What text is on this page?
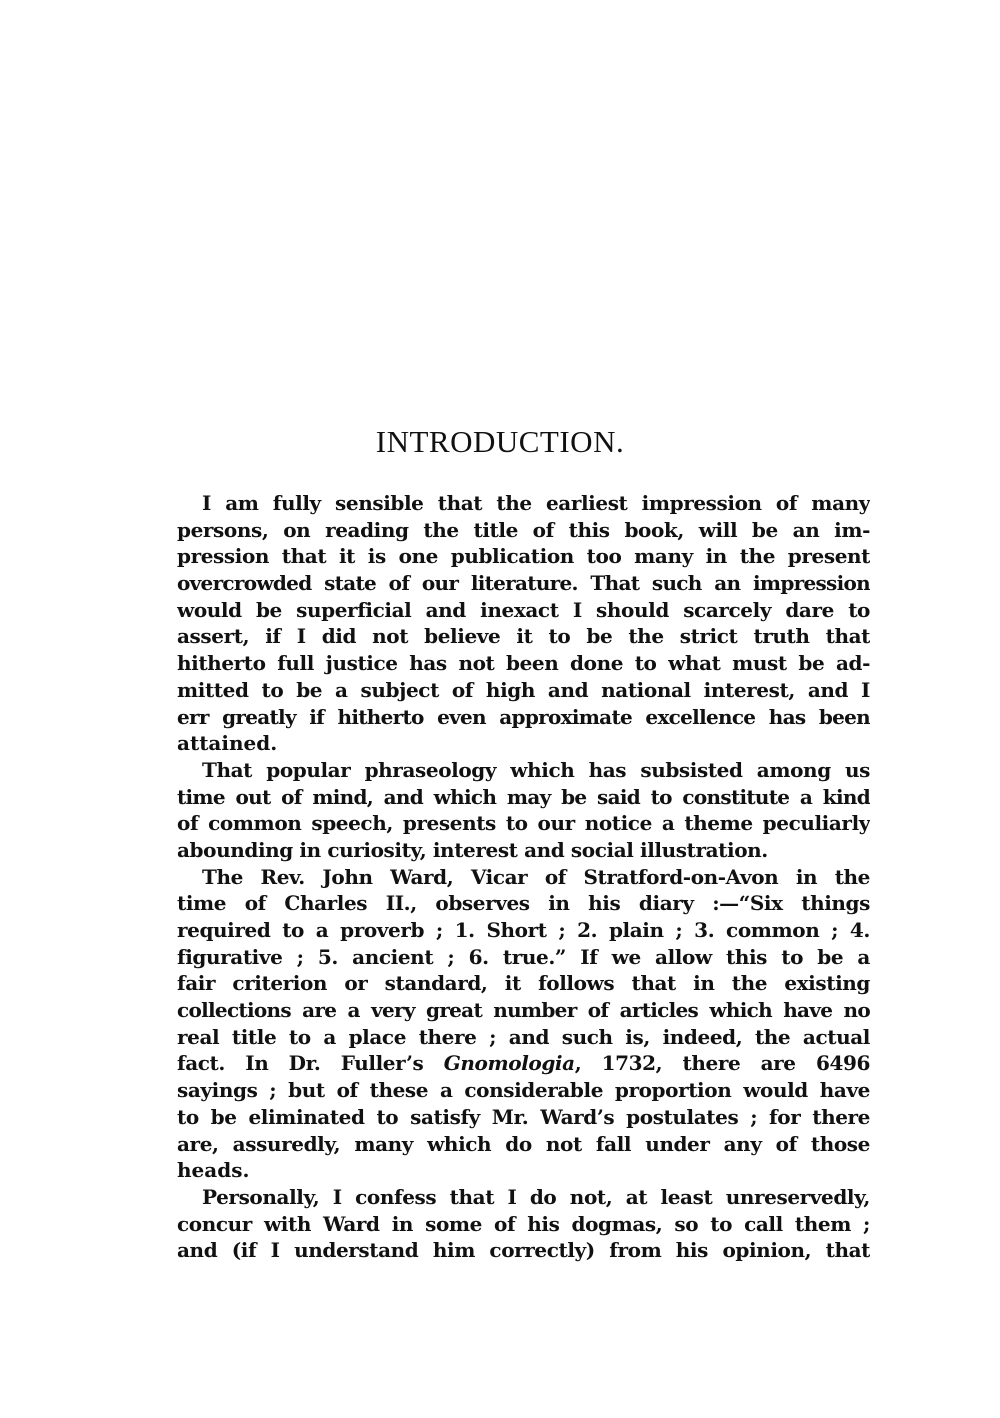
INTRODUCTION.
I am fully sensible that the earliest impression of many
persons, on reading the title of this book, will be an im-
pression that it is one publication too many in the present
overcrowded state of our literature. That such an impression
would be superficial and inexact I should scarcely dare to
assert, if I did not believe it to be the strict truth that
hitherto full justice has not been done to what must be ad-
mitted to be a subject of high and national interest, and I
err greatly if hitherto even approximate excellence has been
attained.
That popular phraseology which has subsisted among us
time out of mind, and which may be said to constitute a kind
of common speech, presents to our notice a theme peculiarly
abounding in curiosity, interest and social illustration.
The Rev. John Ward, Vicar of Stratford-on-Avon in the
time of Charles II., observes in his diary :—“Six things
required to a proverb ; 1. Short ; 2. plain ; 3. common ; 4.
figurative ; 5. ancient ; 6. true.” If we allow this to be a
fair criterion or standard, it follows that in the existing
collections are a very great number of articles which have no
real title to a place there ; and such is, indeed, the actual
fact. In Dr. Fuller’s Gnomologia, 1732, there are 6496
sayings ; but of these a considerable proportion would have
to be eliminated to satisfy Mr. Ward’s postulates ; for there
are, assuredly, many which do not fall under any of those
heads.
Personally, I confess that I do not, at least unreservedly,
concur with Ward in some of his dogmas, so to call them ;
and (if I understand him correctly) from his opinion, that
